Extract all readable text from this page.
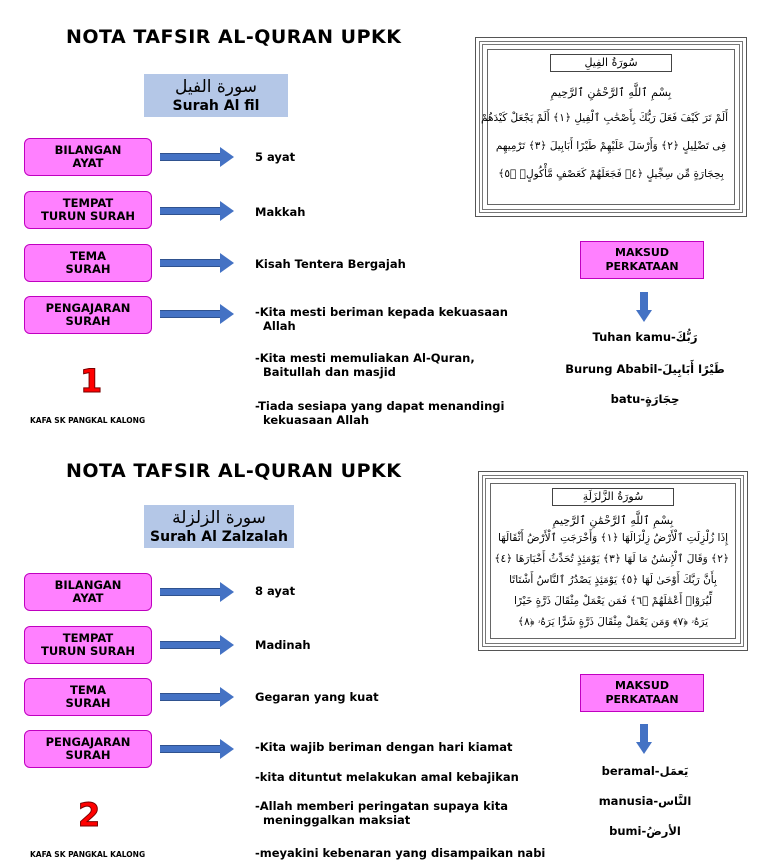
NOTA TAFSIR AL-QURAN UPKK
سورة الفيل
Surah Al fil
BILANGAN
AYAT	5 ayat
TEMPAT
TURUN SURAH	Makkah
TEMA
SURAH	Kisah Tentera Bergajah
PENGAJARAN
SURAH
-Kita mesti beriman kepada kekuasaan
Allah
-Kita mesti memuliakan Al-Quran,
Baitullah dan masjid
-Tiada sesiapa yang dapat menandingi
kekuasaan Allah
1
KAFA SK PANGKAL KALONG
سُورَةُ الفِيلِ
بِسْمِ ٱللَّهِ ٱلرَّحْمَٰنِ ٱلرَّحِيمِ
أَلَمْ تَرَ كَيْفَ فَعَلَ رَبُّكَ بِأَصْحَٰبِ ٱلْفِيلِ ﴿١﴾ أَلَمْ يَجْعَلْ كَيْدَهُمْ
فِى تَضْلِيلٍ ﴿٢﴾ وَأَرْسَلَ عَلَيْهِمْ طَيْرًا أَبَابِيلَ ﴿٣﴾ تَرْمِيهِم
بِحِجَارَةٍ مِّن سِجِّيلٍ ﴿٤﴾ فَجَعَلَهُمْ كَعَصْفٍ مَّأْكُولٍۭ ﴿٥﴾
MAKSUD
PERKATAAN
Tuhan kamu-رَبُّكَ
Burung Ababil-طَيْرًا أَبَابِيلَ
batu-حِجَارَةٍ
NOTA TAFSIR AL-QURAN UPKK
سورة الزلزلة
Surah Al Zalzalah
BILANGAN
AYAT	8 ayat
TEMPAT
TURUN SURAH	Madinah
TEMA
SURAH	Gegaran yang kuat
PENGAJARAN
SURAH
-Kita wajib beriman dengan hari kiamat
-kita dituntut melakukan amal kebajikan
-Allah memberi peringatan supaya kita
meninggalkan maksiat
-meyakini kebenaran yang disampaikan nabi
2
KAFA SK PANGKAL KALONG
سُورَةُ الزَّلزَلَةِ
بِسْمِ ٱللَّهِ ٱلرَّحْمَٰنِ ٱلرَّحِيمِ
إِذَا زُلْزِلَتِ ٱلْأَرْضُ زِلْزَالَهَا ﴿١﴾ وَأَخْرَجَتِ ٱلْأَرْضُ أَثْقَالَهَا
﴿٢﴾ وَقَالَ ٱلْإِنسَٰنُ مَا لَهَا ﴿٣﴾ يَوْمَئِذٍ تُحَدِّثُ أَخْبَارَهَا ﴿٤﴾
بِأَنَّ رَبَّكَ أَوْحَىٰ لَهَا ﴿٥﴾ يَوْمَئِذٍ يَصْدُرُ ٱلنَّاسُ أَشْتَاتًا
لِّيُرَوْا۟ أَعْمَٰلَهُمْ ﴿٦﴾ فَمَن يَعْمَلْ مِثْقَالَ ذَرَّةٍ خَيْرًا
يَرَهُۥ ﴿٧﴾ وَمَن يَعْمَلْ مِثْقَالَ ذَرَّةٍ شَرًّا يَرَهُۥ ﴿٨﴾
MAKSUD
PERKATAAN
beramal-يَعمَل
manusia-النَّاس
bumi-الأرضُ
